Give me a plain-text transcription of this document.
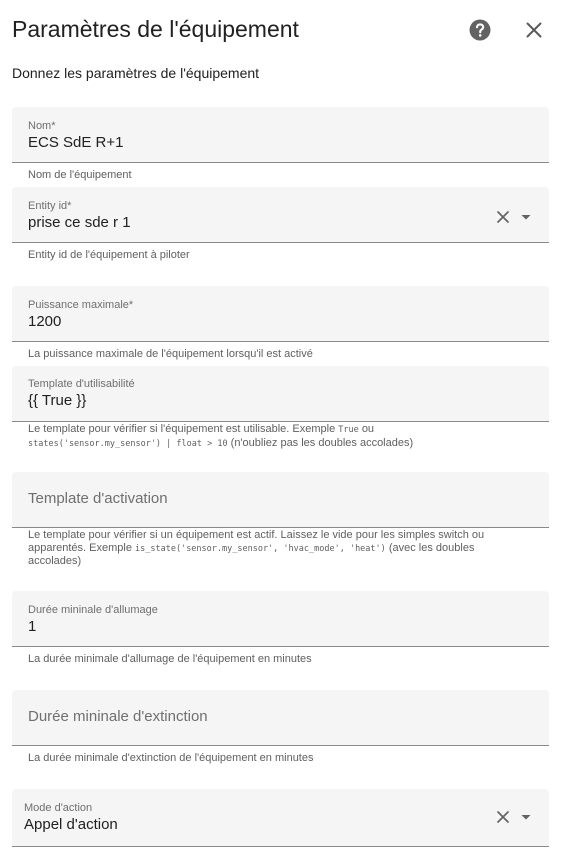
Paramètres de l'équipement
Donnez les paramètres de l'équipement
Nom*
ECS SdE R+1
Nom de l'équipement
Entity id*
prise ce sde r 1
Entity id de l'équipement à piloter
Puissance maximale*
1200
La puissance maximale de l'équipement lorsqu'il est activé
Template d'utilisabilité
{{ True }}
Le template pour vérifier si l'équipement est utilisable. Exemple True ou
states('sensor.my_sensor') | float > 10 (n'oubliez pas les doubles accolades)
Template d'activation
Le template pour vérifier si un équipement est actif. Laissez le vide pour les simples switch ou apparentés. Exemple is_state('sensor.my_sensor', 'hvac_mode', 'heat') (avec les doubles accolades)
Durée mininale d'allumage
1
La durée minimale d'allumage de l'équipement en minutes
Durée mininale d'extinction
La durée minimale d'extinction de l'équipement en minutes
Mode d'action
Appel d'action
